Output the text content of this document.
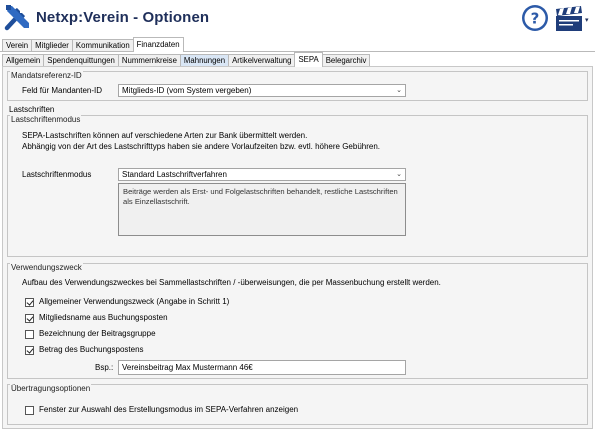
Netxp:Verein - Optionen	?	▾
Verein Mitglieder Kommunikation Finanzdaten
Allgemein Spendenquittungen Nummernkreise Mahnungen Artikelverwaltung SEPA Belegarchiv
Mandatsreferenz-ID
Feld für Mandanten-ID	Mitglieds-ID (vom System vergeben)	⌄
Lastschriften
Lastschriftenmodus
SEPA-Lastschriften können auf verschiedene Arten zur Bank übermittelt werden.
Abhängig von der Art des Lastschrifttyps haben sie andere Vorlaufzeiten bzw. evtl. höhere Gebühren.
Lastschriftenmodus	Standard Lastschriftverfahren	⌄
Beiträge werden als Erst- und Folgelastschriften behandelt, restliche Lastschriften als Einzellastschrift.
Verwendungszweck
Aufbau des Verwendungszweckes bei Sammellastschriften / -überweisungen, die per Massenbuchung erstellt werden.
Allgemeiner Verwendungszweck (Angabe in Schritt 1)
Mitgliedsname aus Buchungsposten
Bezeichnung der Beitragsgruppe
Betrag des Buchungspostens
Bsp.:	Vereinsbeitrag Max Mustermann 46€
Übertragungsoptionen
Fenster zur Auswahl des Erstellungsmodus im SEPA-Verfahren anzeigen
